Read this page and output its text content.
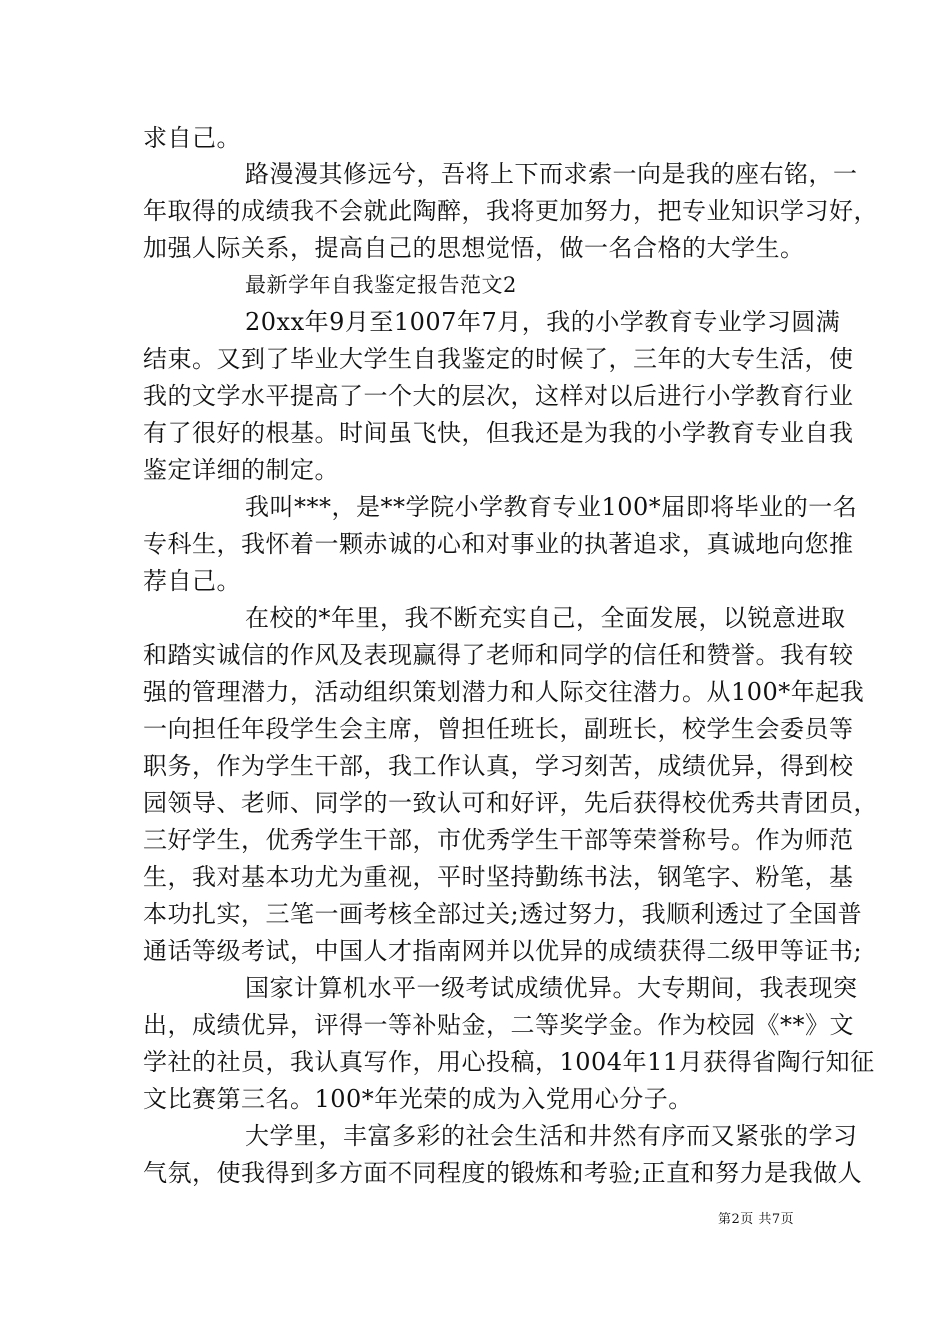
求自己。
路漫漫其修远兮，吾将上下而求索一向是我的座右铭，一
年取得的成绩我不会就此陶醉，我将更加努力，把专业知识学习好，
加强人际关系，提高自己的思想觉悟，做一名合格的大学生。
最新学年自我鉴定报告范文2
20xx年9月至1007年7月，我的小学教育专业学习圆满
结束。又到了毕业大学生自我鉴定的时候了，三年的大专生活，使
我的文学水平提高了一个大的层次，这样对以后进行小学教育行业
有了很好的根基。时间虽飞快，但我还是为我的小学教育专业自我
鉴定详细的制定。
我叫***，是**学院小学教育专业100*届即将毕业的一名
专科生，我怀着一颗赤诚的心和对事业的执著追求，真诚地向您推
荐自己。
在校的*年里，我不断充实自己，全面发展，以锐意进取
和踏实诚信的作风及表现赢得了老师和同学的信任和赞誉。我有较
强的管理潜力，活动组织策划潜力和人际交往潜力。从100*年起我
一向担任年段学生会主席，曾担任班长，副班长，校学生会委员等
职务，作为学生干部，我工作认真，学习刻苦，成绩优异，得到校
园领导、老师、同学的一致认可和好评，先后获得校优秀共青团员，
三好学生，优秀学生干部，市优秀学生干部等荣誉称号。作为师范
生，我对基本功尤为重视，平时坚持勤练书法，钢笔字、粉笔，基
本功扎实，三笔一画考核全部过关;透过努力，我顺利透过了全国普
通话等级考试，中国人才指南网并以优异的成绩获得二级甲等证书;
国家计算机水平一级考试成绩优异。大专期间，我表现突
出，成绩优异，评得一等补贴金，二等奖学金。作为校园《**》文
学社的社员，我认真写作，用心投稿，1004年11月获得省陶行知征
文比赛第三名。100*年光荣的成为入党用心分子。
大学里，丰富多彩的社会生活和井然有序而又紧张的学习
气氛，使我得到多方面不同程度的锻炼和考验;正直和努力是我做人
第2页 共7页
